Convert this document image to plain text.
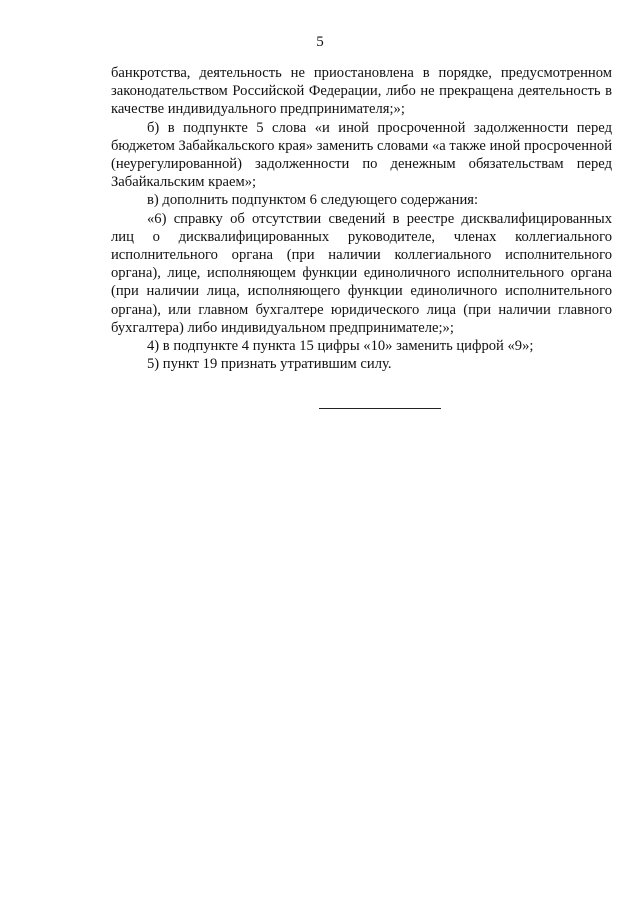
5

банкротства, деятельность не приостановлена в порядке, предусмотренном законодательством Российской Федерации, либо не прекращена деятельность в качестве индивидуального предпринимателя;»;

б) в подпункте 5 слова «и иной просроченной задолженности перед бюджетом Забайкальского края» заменить словами «а также иной просроченной (неурегулированной) задолженности по денежным обязательствам перед Забайкальским краем»;

в) дополнить подпунктом 6 следующего содержания:

«6) справку об отсутствии сведений в реестре дисквалифицированных лиц о дисквалифицированных руководителе, членах коллегиального исполнительного органа (при наличии коллегиального исполнительного органа), лице, исполняющем функции единоличного исполнительного органа (при наличии лица, исполняющего функции единоличного исполнительного органа), или главном бухгалтере юридического лица (при наличии главного бухгалтера) либо индивидуальном предпринимателе;»;

4) в подпункте 4 пункта 15 цифры «10» заменить цифрой «9»;

5) пункт 19 признать утратившим силу.
